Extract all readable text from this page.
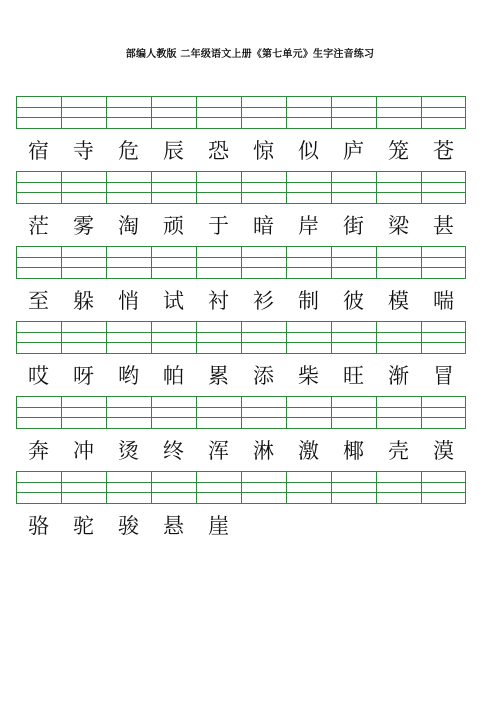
部编人教版 二年级语文上册《第七单元》生字注音练习
宿	寺	危	辰	恐	惊	似	庐	笼	苍
茫	雾	淘	顽	于	暗	岸	街	梁	甚
至	躲	悄	试	衬	衫	制	彼	模	喘
哎	呀	哟	帕	累	添	柴	旺	渐	冒
奔	冲	烫	终	浑	淋	激	椰	壳	漠
骆	驼	骏	悬	崖
